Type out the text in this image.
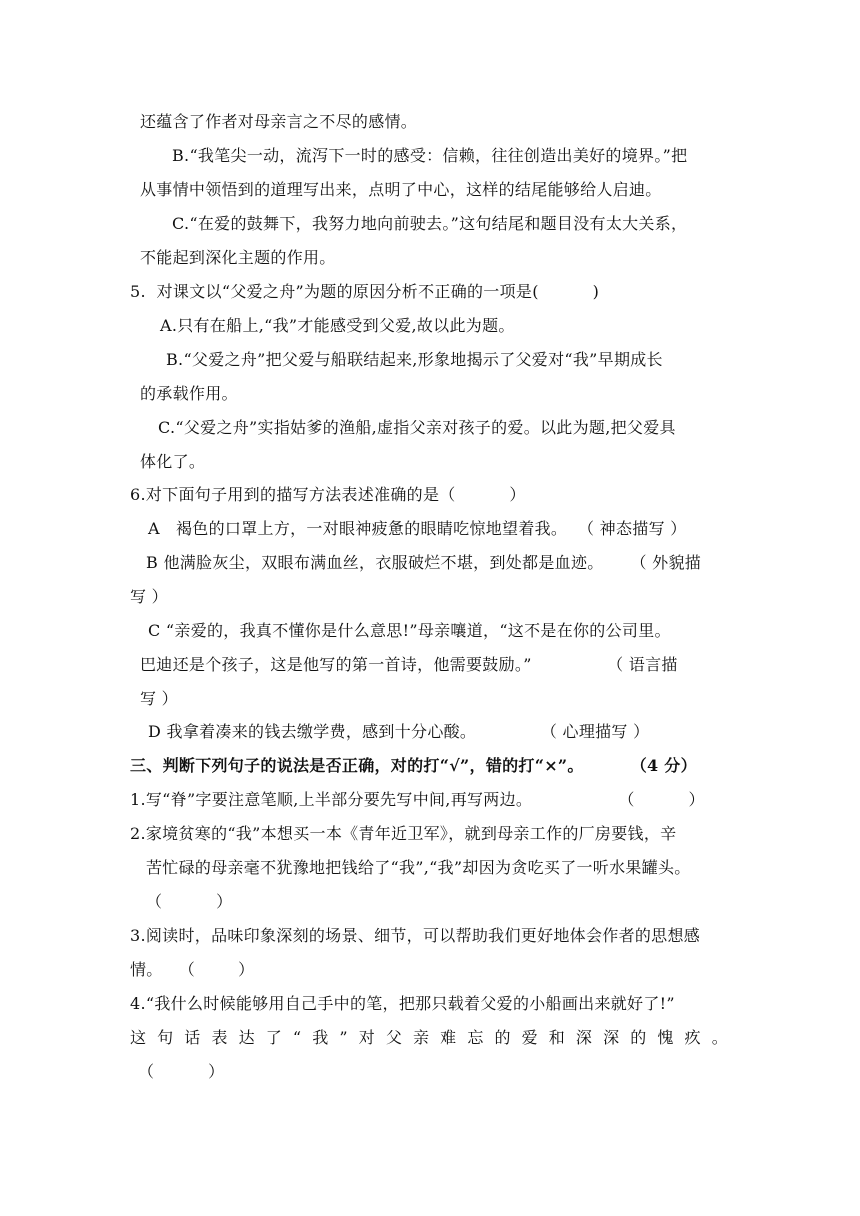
还蕴含了作者对母亲言之不尽的感情。
B.“我笔尖一动，流泻下一时的感受：信赖，往往创造出美好的境界。”把
从事情中领悟到的道理写出来，点明了中心，这样的结尾能够给人启迪。
C.“在爱的鼓舞下，我努力地向前驶去。”这句结尾和题目没有太大关系，
不能起到深化主题的作用。
5.  对课文以“父爱之舟”为题的原因分析不正确的一项是(          )
A.只有在船上,“我”才能感受到父爱,故以此为题。
B.“父爱之舟”把父爱与船联结起来,形象地揭示了父爱对“我”早期成长
的承载作用。
C.“父爱之舟”实指姑爹的渔船,虚指父亲对孩子的爱。以此为题,把父爱具
体化了。
6.对下面句子用到的描写方法表述准确的是（          ）
A   褐色的口罩上方，一对眼神疲惫的眼睛吃惊地望着我。  （ 神态描写 ）
B 他满脸灰尘，双眼布满血丝，衣服破烂不堪，到处都是血迹。     （ 外貌描
写 ）
C “亲爱的，我真不懂你是什么意思!”母亲嚷道，“这不是在你的公司里。
巴迪还是个孩子，这是他写的第一首诗，他需要鼓励。”              （ 语言描
写 ）
D 我拿着凑来的钱去缴学费，感到十分心酸。            （ 心理描写 ）
三、判断下列句子的说法是否正确，对的打“√”，错的打“×”。        （4 分）
1.写“脊”字要注意笔顺,上半部分要先写中间,再写两边。                （          ）
2.家境贫寒的“我”本想买一本《青年近卫军》，就到母亲工作的厂房要钱，辛
苦忙碌的母亲毫不犹豫地把钱给了“我”,“我”却因为贪吃买了一听水果罐头。
（          ）
3.阅读时，品味印象深刻的场景、细节，可以帮助我们更好地体会作者的思想感
情。   （        ）
4.“我什么时候能够用自己手中的笔，把那只载着父爱的小船画出来就好了!”
这句话表达了“我”对父亲难忘的爱和深深的愧疚。
（          ）
